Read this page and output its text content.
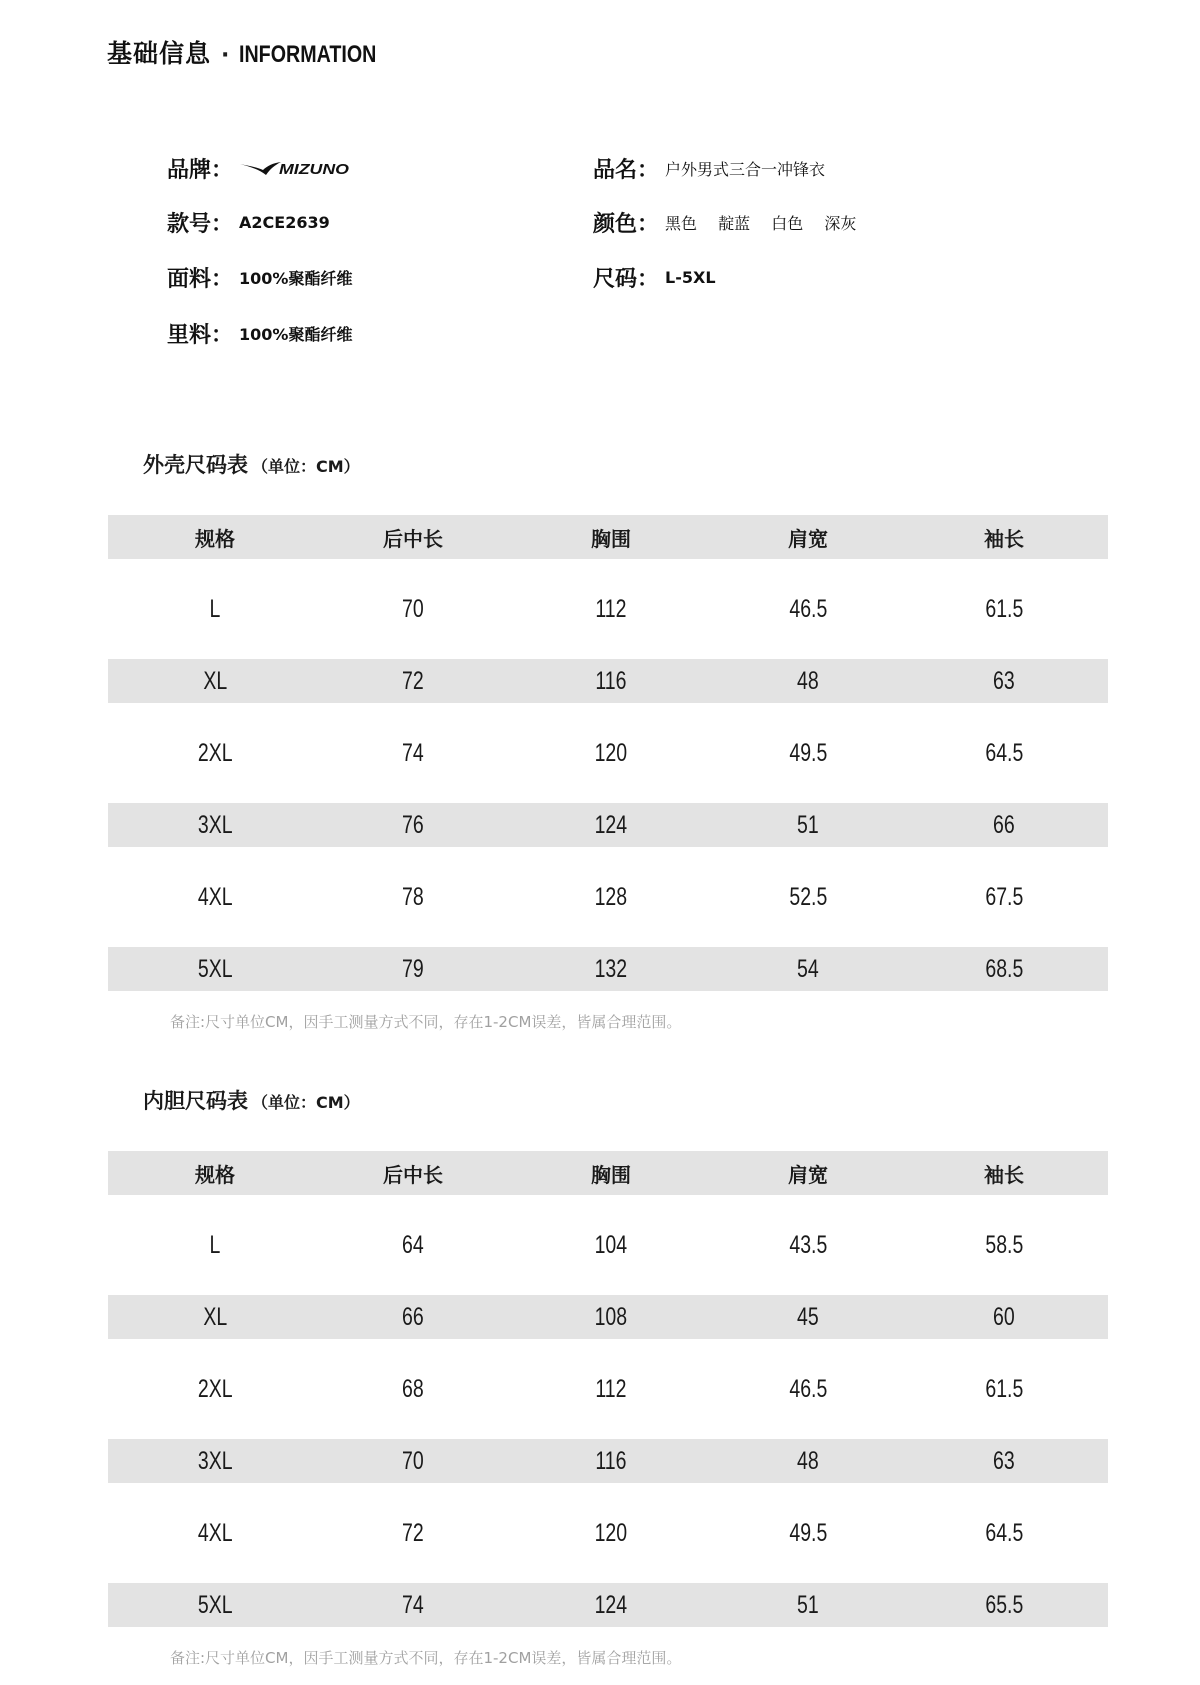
基础信息 · INFORMATION
品牌：	MIZUNO	品名： 户外男式三合一冲锋衣
款号： A2CE2639	颜色： 黑色 靛蓝 白色 深灰
面料： 100%聚酯纤维	尺码： L-5XL
里料： 100%聚酯纤维
外壳尺码表 （单位：CM）
规格	后中长	胸围	肩宽	袖长
L	70	112	46.5	61.5
XL	72	116	48	63
2XL	74	120	49.5	64.5
3XL	76	124	51	66
4XL	78	128	52.5	67.5
5XL	79	132	54	68.5
备注:尺寸单位CM，因手工测量方式不同，存在1-2CM误差，皆属合理范围。
内胆尺码表 （单位：CM）
规格	后中长	胸围	肩宽	袖长
L	64	104	43.5	58.5
XL	66	108	45	60
2XL	68	112	46.5	61.5
3XL	70	116	48	63
4XL	72	120	49.5	64.5
5XL	74	124	51	65.5
备注:尺寸单位CM，因手工测量方式不同，存在1-2CM误差，皆属合理范围。
